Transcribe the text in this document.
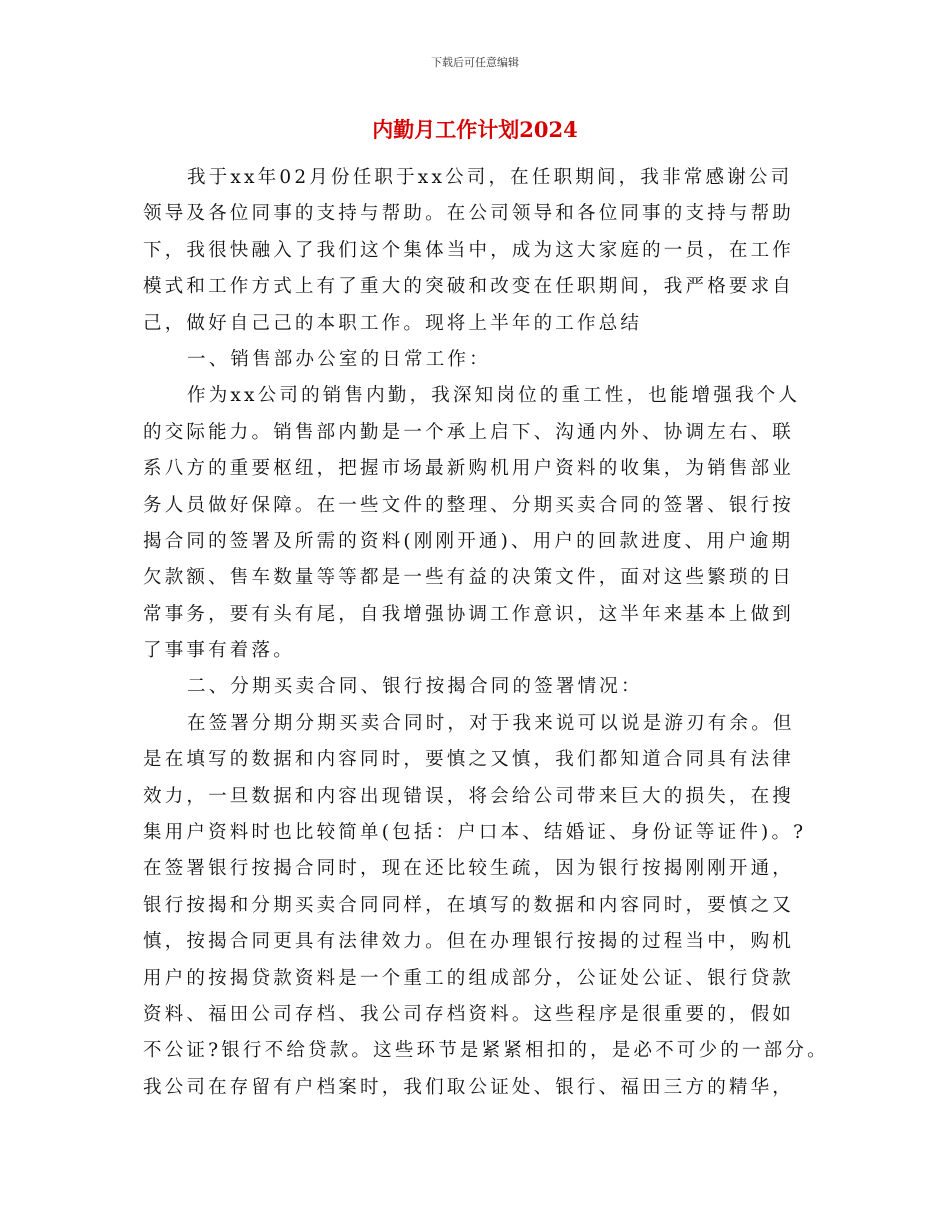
下载后可任意编辑
内勤月工作计划2024
我于xx年02月份任职于xx公司，在任职期间，我非常感谢公司
领导及各位同事的支持与帮助。在公司领导和各位同事的支持与帮助
下，我很快融入了我们这个集体当中，成为这大家庭的一员，在工作
模式和工作方式上有了重大的突破和改变在任职期间，我严格要求自
己，做好自己己的本职工作。现将上半年的工作总结
一、销售部办公室的日常工作：
作为xx公司的销售内勤，我深知岗位的重工性，也能增强我个人
的交际能力。销售部内勤是一个承上启下、沟通内外、协调左右、联
系八方的重要枢纽，把握市场最新购机用户资料的收集，为销售部业
务人员做好保障。在一些文件的整理、分期买卖合同的签署、银行按
揭合同的签署及所需的资料(刚刚开通)、用户的回款进度、用户逾期
欠款额、售车数量等等都是一些有益的决策文件，面对这些繁琐的日
常事务，要有头有尾，自我增强协调工作意识，这半年来基本上做到
了事事有着落。
二、分期买卖合同、银行按揭合同的签署情况：
在签署分期分期买卖合同时，对于我来说可以说是游刃有余。但
是在填写的数据和内容同时，要慎之又慎，我们都知道合同具有法律
效力，一旦数据和内容出现错误，将会给公司带来巨大的损失，在搜
集用户资料时也比较简单(包括：户口本、结婚证、身份证等证件)。?
在签署银行按揭合同时，现在还比较生疏，因为银行按揭刚刚开通，
银行按揭和分期买卖合同同样，在填写的数据和内容同时，要慎之又
慎，按揭合同更具有法律效力。但在办理银行按揭的过程当中，购机
用户的按揭贷款资料是一个重工的组成部分，公证处公证、银行贷款
资料、福田公司存档、我公司存档资料。这些程序是很重要的，假如
不公证?银行不给贷款。这些环节是紧紧相扣的，是必不可少的一部分。
我公司在存留有户档案时，我们取公证处、银行、福田三方的精华，
